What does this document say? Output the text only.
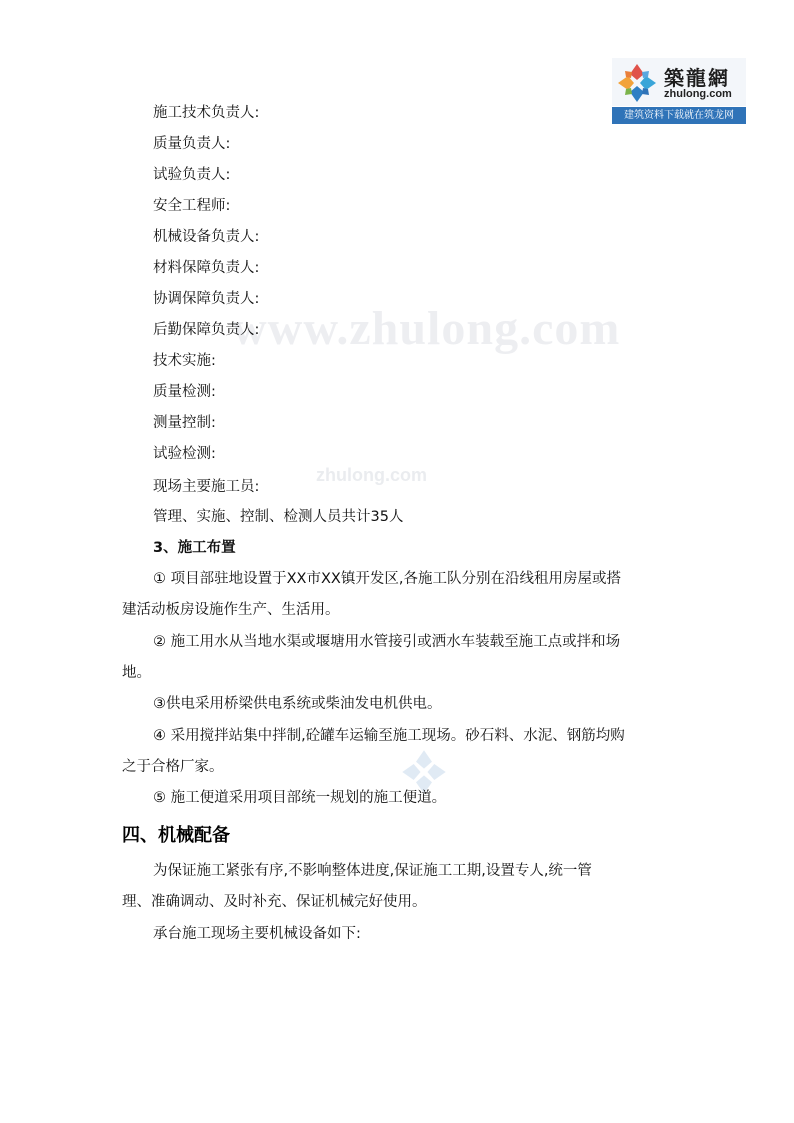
築龍網
zhulong.com
建筑资料下载就在筑龙网
www.zhulong.com
zhulong.com
施工技术负责人:
质量负责人:
试验负责人:
安全工程师:
机械设备负责人:
材料保障负责人:
协调保障负责人:
后勤保障负责人:
技术实施:
质量检测:
测量控制:
试验检测:
现场主要施工员:
管理、实施、控制、检测人员共计35人
3、施工布置
① 项目部驻地设置于XX市XX镇开发区,各施工队分别在沿线租用房屋或搭
建活动板房设施作生产、生活用。
② 施工用水从当地水渠或堰塘用水管接引或洒水车装载至施工点或拌和场
地。
③供电采用桥梁供电系统或柴油发电机供电。
④ 采用搅拌站集中拌制,砼罐车运输至施工现场。砂石料、水泥、钢筋均购
之于合格厂家。
⑤ 施工便道采用项目部统一规划的施工便道。
四、机械配备
为保证施工紧张有序,不影响整体进度,保证施工工期,设置专人,统一管
理、准确调动、及时补充、保证机械完好使用。
承台施工现场主要机械设备如下:
